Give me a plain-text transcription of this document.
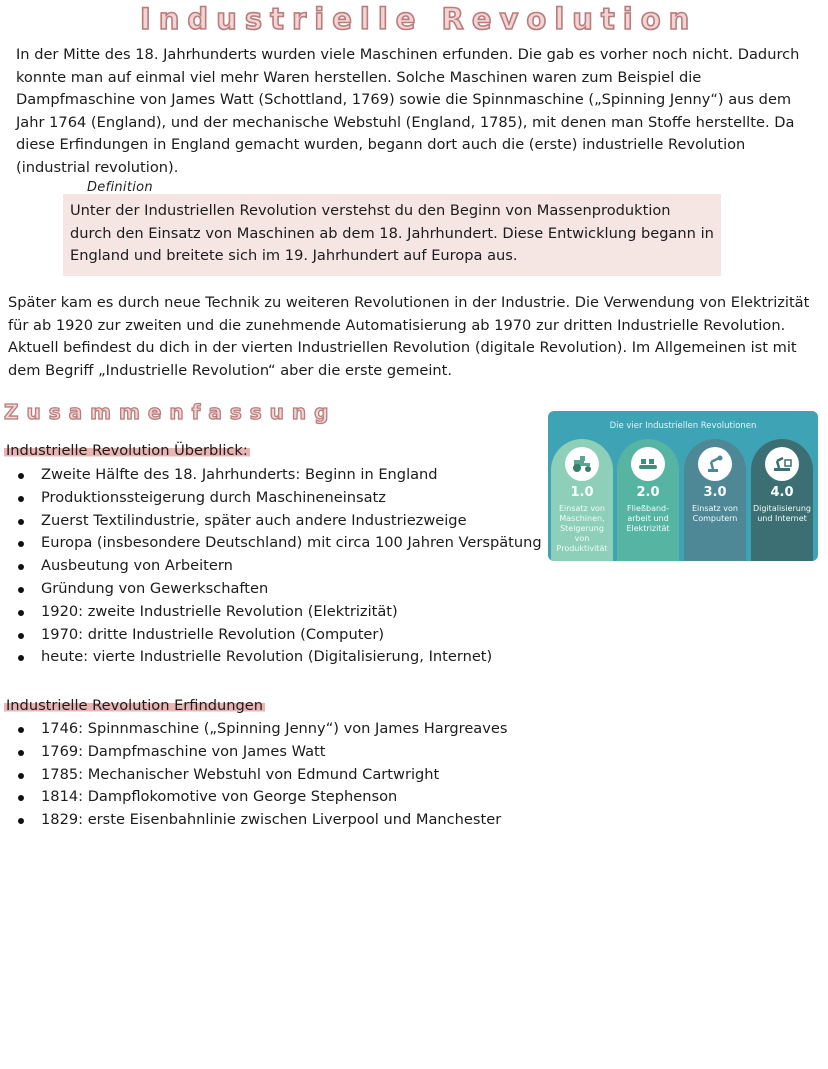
Industrielle Revolution

In der Mitte des 18. Jahrhunderts wurden viele Maschinen erfunden. Die gab es vorher noch nicht. Dadurch konnte man auf einmal viel mehr Waren herstellen. Solche Maschinen waren zum Beispiel die Dampfmaschine von James Watt (Schottland, 1769) sowie die Spinnmaschine („Spinning Jenny“) aus dem Jahr 1764 (England), und der mechanische Webstuhl (England, 1785), mit denen man Stoffe herstellte. Da diese Erfindungen in England gemacht wurden, begann dort auch die (erste) industrielle Revolution (industrial revolution).

Definition

Unter der Industriellen Revolution verstehst du den Beginn von Massenproduktion durch den Einsatz von Maschinen ab dem 18. Jahrhundert. Diese Entwicklung begann in England und breitete sich im 19. Jahrhundert auf Europa aus.

Später kam es durch neue Technik zu weiteren Revolutionen in der Industrie. Die Verwendung von Elektrizität für ab 1920 zur zweiten und die zunehmende Automatisierung ab 1970 zur dritten Industrielle Revolution. Aktuell befindest du dich in der vierten Industriellen Revolution (digitale Revolution). Im Allgemeinen ist mit dem Begriff „Industrielle Revolution“ aber die erste gemeint.

Zusammenfassung

Industrielle Revolution Überblick:

Zweite Hälfte des 18. Jahrhunderts: Beginn in England
Produktionssteigerung durch Maschineneinsatz
Zuerst Textilindustrie, später auch andere Industriezweige
Europa (insbesondere Deutschland) mit circa 100 Jahren Verspätung
Ausbeutung von Arbeitern
Gründung von Gewerkschaften
1920: zweite Industrielle Revolution (Elektrizität)
1970: dritte Industrielle Revolution (Computer)
heute: vierte Industrielle Revolution (Digitalisierung, Internet)

Industrielle Revolution Erfindungen

1746: Spinnmaschine („Spinning Jenny“) von James Hargreaves
1769: Dampfmaschine von James Watt
1785: Mechanischer Webstuhl von Edmund Cartwright
1814: Dampflokomotive von George Stephenson
1829: erste Eisenbahnlinie zwischen Liverpool und Manchester
Die vier Industriellen Revolutionen
1.0
Einsatz von Maschinen, Steigerung von Produktivität
2.0
Fließband-arbeit und Elektrizität
3.0
Einsatz von Computern
4.0
Digitalisierung und Internet
